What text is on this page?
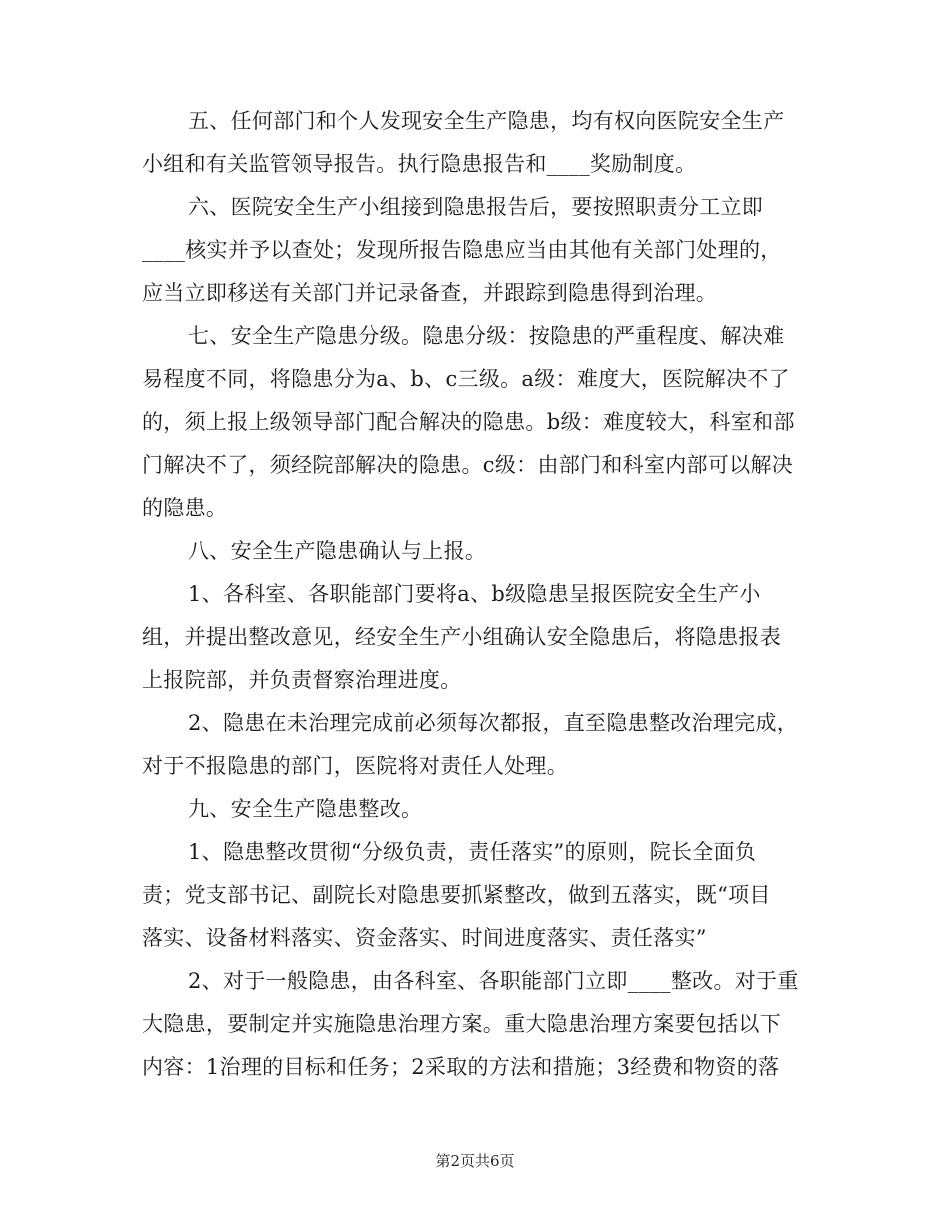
五、任何部门和个人发现安全生产隐患，均有权向医院安全生产
小组和有关监管领导报告。执行隐患报告和____奖励制度。
六、医院安全生产小组接到隐患报告后，要按照职责分工立即
____核实并予以查处；发现所报告隐患应当由其他有关部门处理的，
应当立即移送有关部门并记录备查，并跟踪到隐患得到治理。
七、安全生产隐患分级。隐患分级：按隐患的严重程度、解决难
易程度不同，将隐患分为a、b、c三级。a级：难度大，医院解决不了
的，须上报上级领导部门配合解决的隐患。b级：难度较大，科室和部
门解决不了，须经院部解决的隐患。c级：由部门和科室内部可以解决
的隐患。
八、安全生产隐患确认与上报。
1、各科室、各职能部门要将a、b级隐患呈报医院安全生产小
组，并提出整改意见，经安全生产小组确认安全隐患后，将隐患报表
上报院部，并负责督察治理进度。
2、隐患在未治理完成前必须每次都报，直至隐患整改治理完成，
对于不报隐患的部门，医院将对责任人处理。
九、安全生产隐患整改。
1、隐患整改贯彻“分级负责，责任落实”的原则，院长全面负
责；党支部书记、副院长对隐患要抓紧整改，做到五落实，既“项目
落实、设备材料落实、资金落实、时间进度落实、责任落实”
2、对于一般隐患，由各科室、各职能部门立即____整改。对于重
大隐患，要制定并实施隐患治理方案。重大隐患治理方案要包括以下
内容：1治理的目标和任务；2采取的方法和措施；3经费和物资的落
第2页共6页
